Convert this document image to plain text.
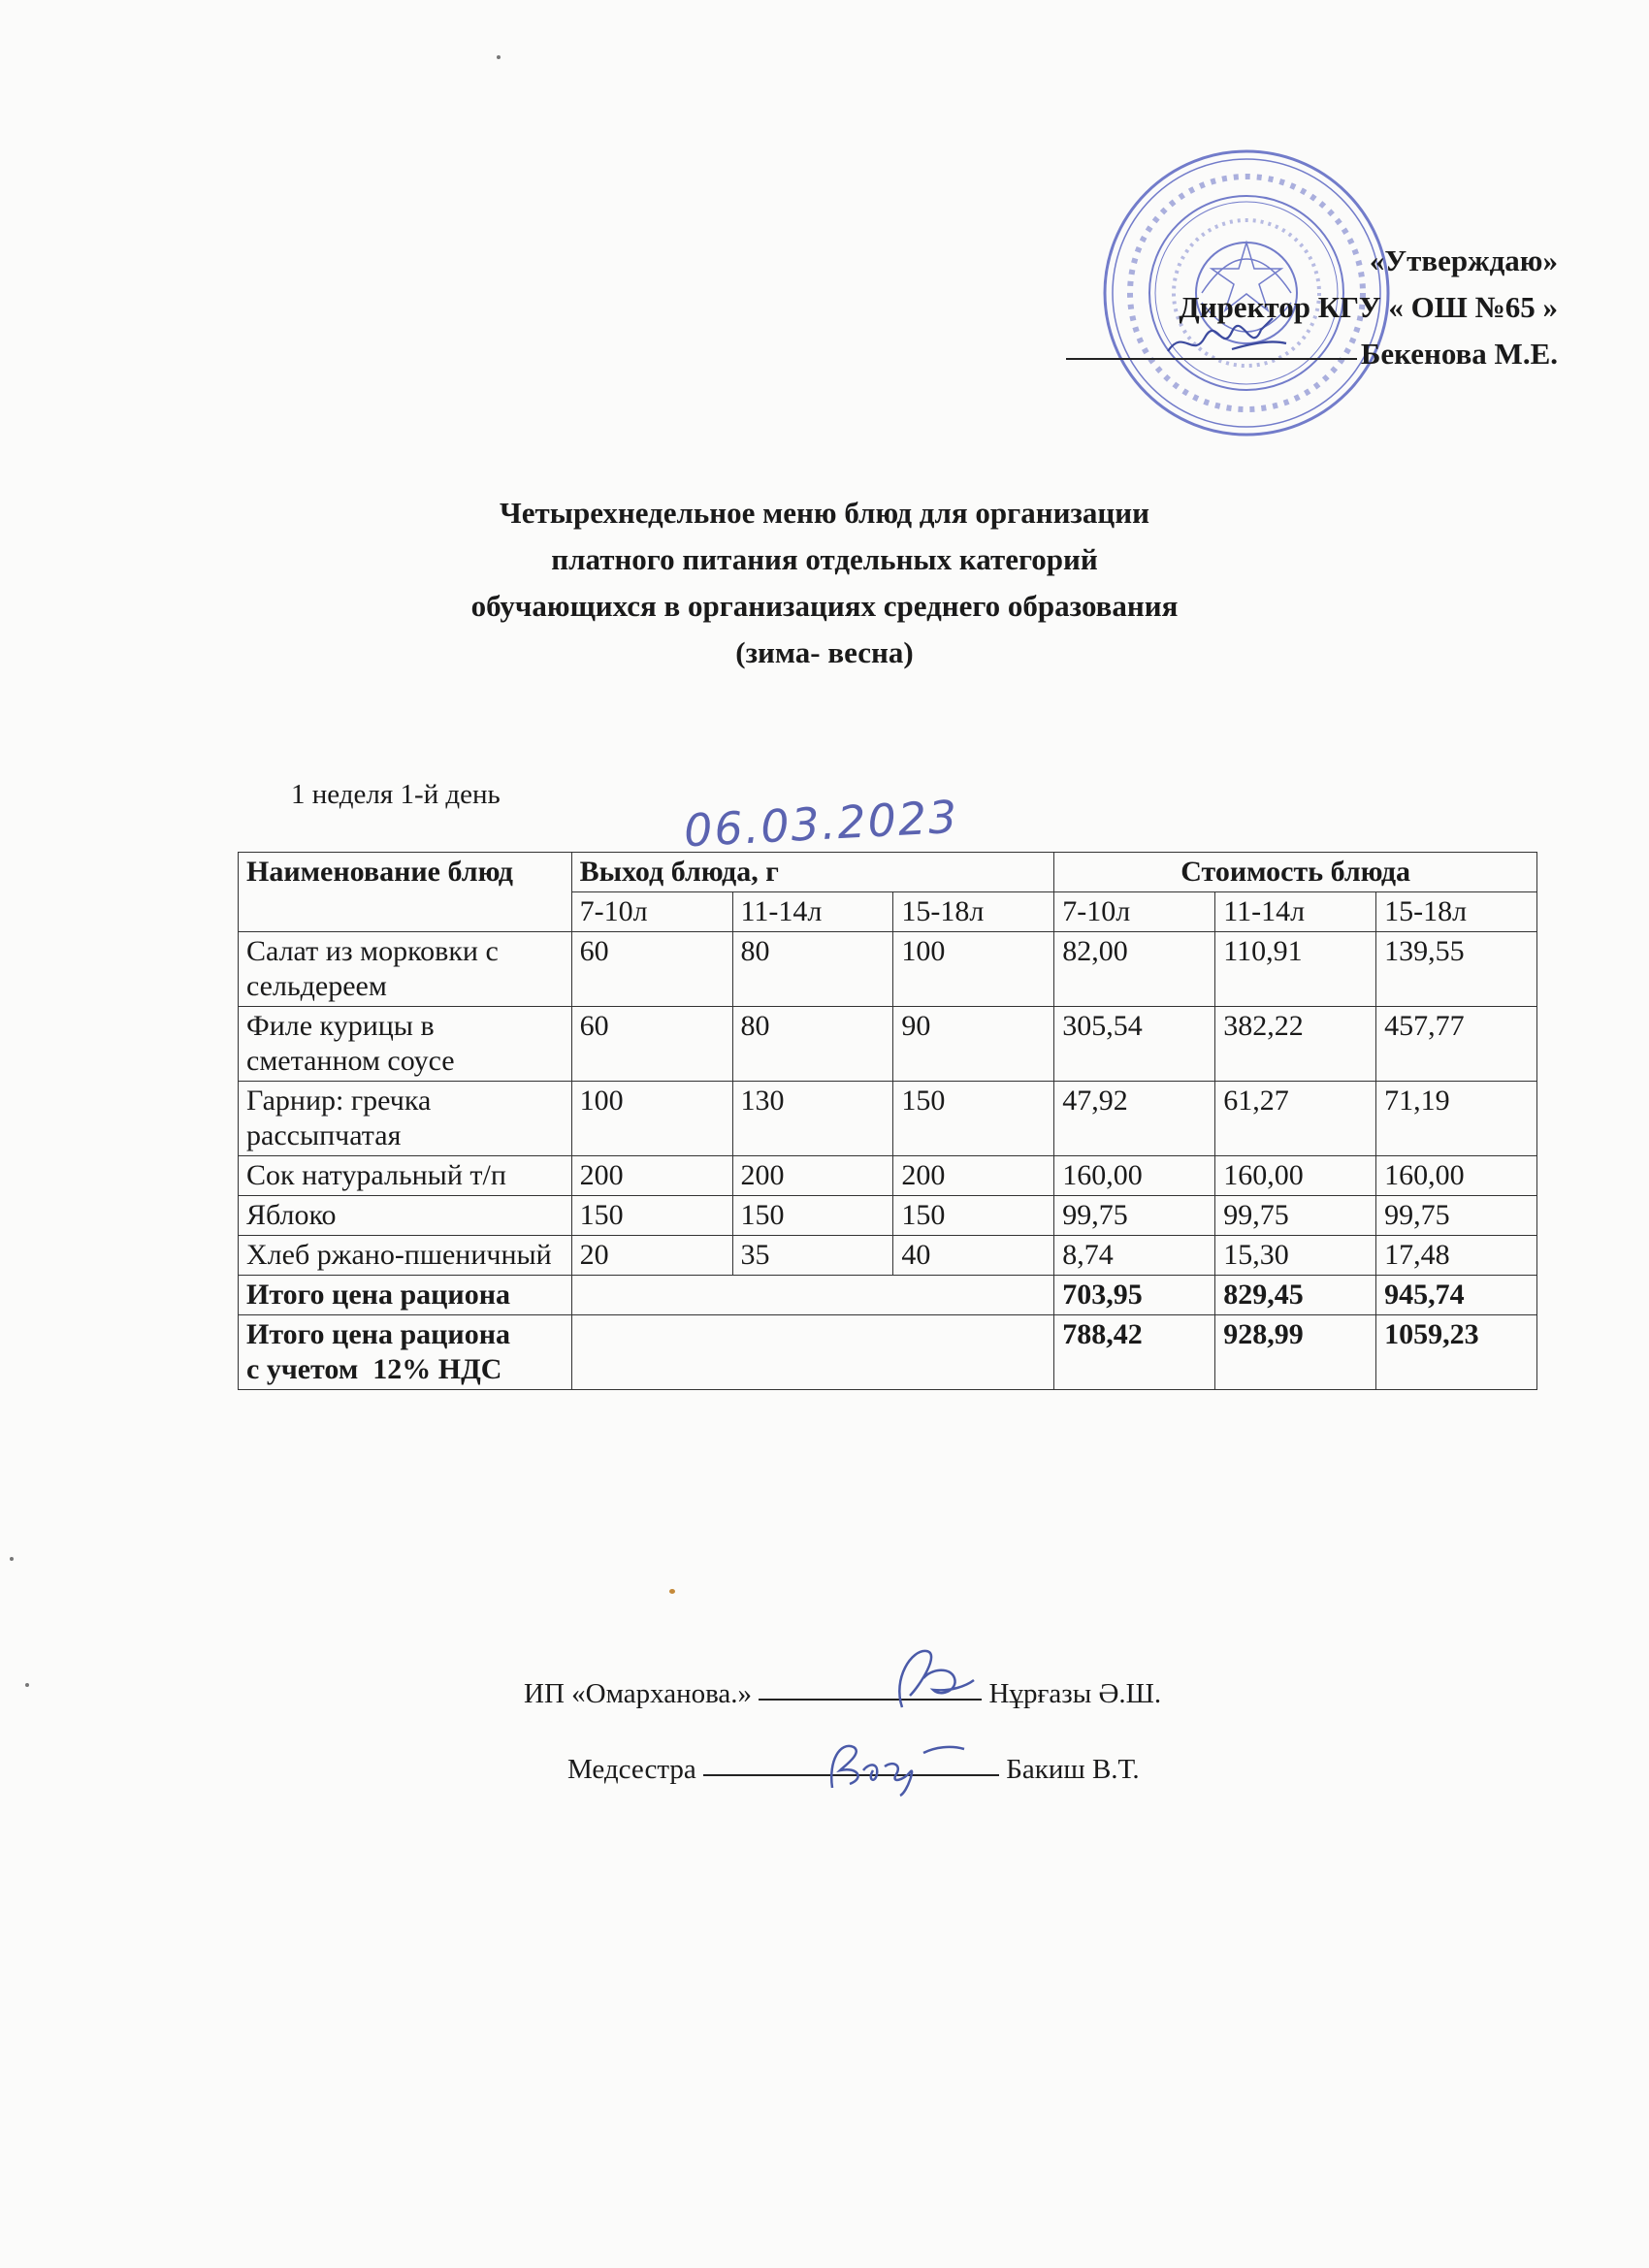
«Утверждаю»
Директор КГУ « ОШ №65 »
Бекенова М.Е.
Четырехнедельное меню блюд для организации
платного питания отдельных категорий
обучающихся в организациях среднего образования
(зима- весна)
1 неделя 1-й день	06.03.2023
Наименование блюд	Выход блюда, г			Стоимость блюда		
	7-10л	11-14л	15-18л	7-10л	11-14л	15-18л
Салат из морковки с сельдереем	60	80	100	82,00	110,91	139,55
Филе курицы в сметанном соусе	60	80	90	305,54	382,22	457,77
Гарнир: гречка рассыпчатая	100	130	150	47,92	61,27	71,19
Сок натуральный т/п	200	200	200	160,00	160,00	160,00
Яблоко	150	150	150	99,75	99,75	99,75
Хлеб ржано-пшеничный	20	35	40	8,74	15,30	17,48
Итого цена рациона				703,95	829,45	945,74

Итого цена рациона
с учетом  12% НДС				788,42	928,99	1059,23
ИП «Омарханова.»	Нұрғазы Ә.Ш.
Медсестра	Бакиш В.Т.
